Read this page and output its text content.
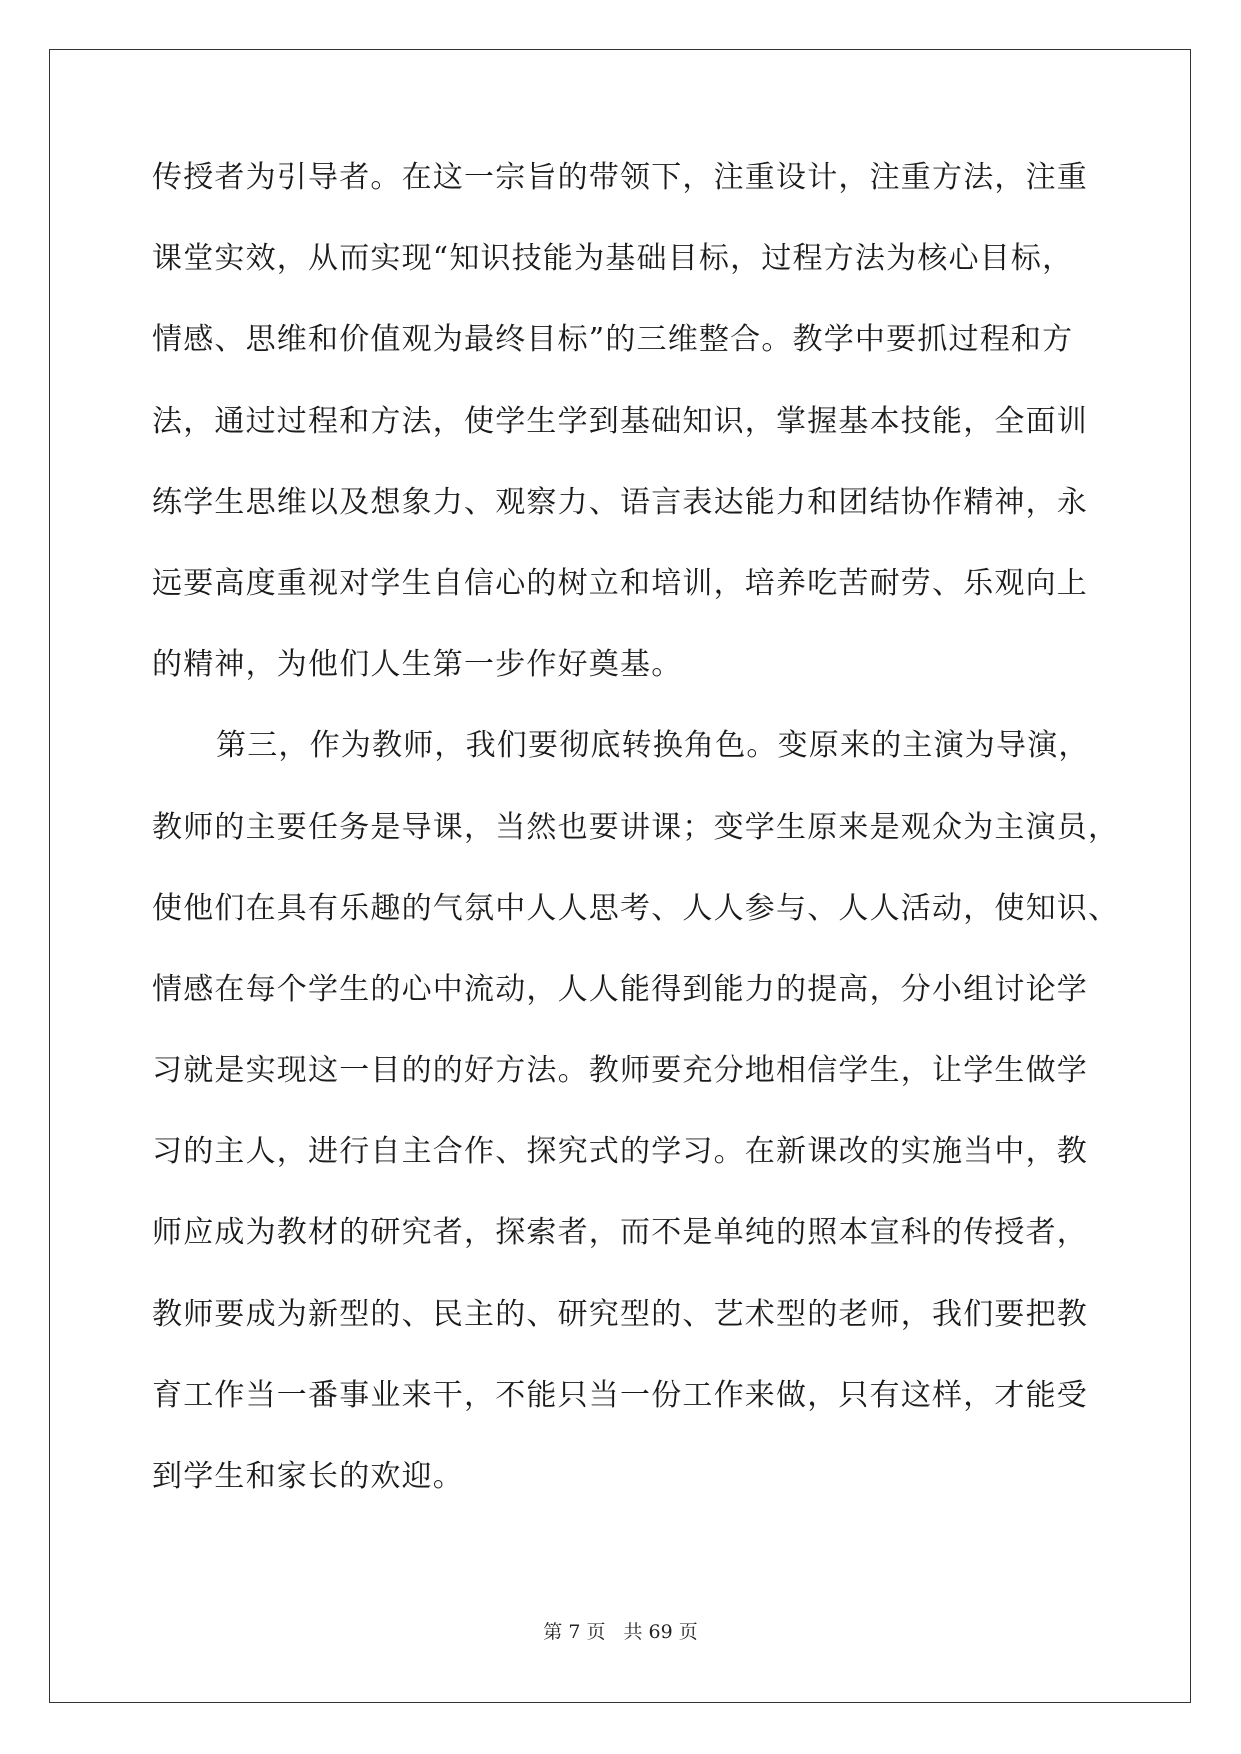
传授者为引导者。在这一宗旨的带领下，注重设计，注重方法，注重
课堂实效，从而实现“知识技能为基础目标，过程方法为核心目标，
情感、思维和价值观为最终目标”的三维整合。教学中要抓过程和方
法，通过过程和方法，使学生学到基础知识，掌握基本技能，全面训
练学生思维以及想象力、观察力、语言表达能力和团结协作精神，永
远要高度重视对学生自信心的树立和培训，培养吃苦耐劳、乐观向上
的精神，为他们人生第一步作好奠基。
第三，作为教师，我们要彻底转换角色。变原来的主演为导演，
教师的主要任务是导课，当然也要讲课；变学生原来是观众为主演员，
使他们在具有乐趣的气氛中人人思考、人人参与、人人活动，使知识、
情感在每个学生的心中流动，人人能得到能力的提高，分小组讨论学
习就是实现这一目的的好方法。教师要充分地相信学生，让学生做学
习的主人，进行自主合作、探究式的学习。在新课改的实施当中，教
师应成为教材的研究者，探索者，而不是单纯的照本宣科的传授者，
教师要成为新型的、民主的、研究型的、艺术型的老师，我们要把教
育工作当一番事业来干，不能只当一份工作来做，只有这样，才能受
到学生和家长的欢迎。
第 7 页 共 69 页
